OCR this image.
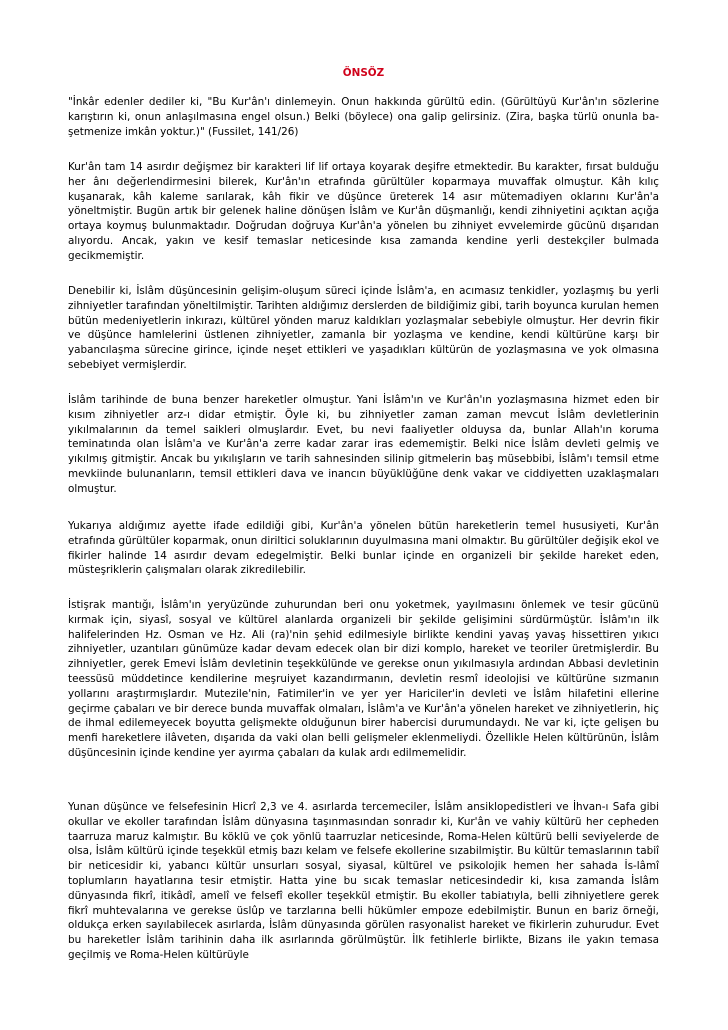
ÖNSÖZ

"İnkâr edenler dediler ki, "Bu Kur'ân'ı dinlemeyin. Onun hakkında gürültü edin. (Gürültüyü Kur'ân'ın sözlerine karıştırın ki, onun anlaşılmasına engel olsun.) Belki (böylece) ona galip gelirsiniz. (Zira, başka türlü onunla ba-şetmenize imkân yoktur.)" (Fussilet, 141/26)

Kur'ân tam 14 asırdır değişmez bir karakteri lif lif ortaya koyarak deşifre etmektedir. Bu karakter, fırsat bulduğu her ânı değerlendirmesini bilerek, Kur'ân'ın etrafında gürültüler koparmaya muvaffak olmuştur. Kâh kılıç kuşanarak, kâh kaleme sarılarak, kâh fikir ve düşünce üreterek 14 asır mütemadiyen oklarını Kur'ân'a yöneltmiştir. Bugün artık bir gelenek haline dönüşen İslâm ve Kur'ân düşmanlığı, kendi zihniyetini açıktan açığa ortaya koymuş bulunmaktadır. Doğrudan doğruya Kur'ân'a yönelen bu zihniyet evvelemirde gücünü dışarıdan alıyordu. Ancak, yakın ve kesif temaslar neticesinde kısa zamanda kendine yerli destekçiler bulmada gecikmemiştir.

Denebilir ki, İslâm düşüncesinin gelişim-oluşum süreci içinde İslâm'a, en acımasız tenkidler, yozlaşmış bu yerli zihniyetler tarafından yöneltilmiştir. Tarihten aldığımız derslerden de bildiğimiz gibi, tarih boyunca kurulan hemen bütün medeniyetlerin inkırazı, kültürel yönden maruz kaldıkları yozlaşmalar sebebiyle olmuştur. Her devrin fikir ve düşünce hamlelerini üstlenen zihniyetler, zamanla bir yozlaşma ve kendine, kendi kültürüne karşı bir yabancılaşma sürecine girince, içinde neşet ettikleri ve yaşadıkları kültürün de yozlaşmasına ve yok olmasına sebebiyet vermişlerdir.

İslâm tarihinde de buna benzer hareketler olmuştur. Yani İslâm'ın ve Kur'ân'ın yozlaşmasına hizmet eden bir kısım zihniyetler arz-ı didar etmiştir. Öyle ki, bu zihniyetler zaman zaman mevcut İslâm devletlerinin yıkılmalarının da temel saikleri olmuşlardır. Evet, bu nevi faaliyetler olduysa da, bunlar Allah'ın koruma teminatında olan İslâm'a ve Kur'ân'a zerre kadar zarar iras edememiştir. Belki nice İslâm devleti gelmiş ve yıkılmış gitmiştir. Ancak bu yıkılışların ve tarih sahnesinden silinip gitmelerin baş müsebbibi, İslâm'ı temsil etme mevkiinde bulunanların, temsil ettikleri dava ve inancın büyüklüğüne denk vakar ve ciddiyetten uzaklaşmaları olmuştur.

Yukarıya aldığımız ayette ifade edildiği gibi, Kur'ân'a yönelen bütün hareketlerin temel hususiyeti, Kur'ân etrafında gürültüler koparmak, onun diriltici soluklarının duyulmasına mani olmaktır. Bu gürültüler değişik ekol ve fikirler halinde 14 asırdır devam edegelmiştir. Belki bunlar içinde en organizeli bir şekilde hareket eden, müsteşriklerin çalışmaları olarak zikredilebilir.

İstişrak mantığı, İslâm'ın yeryüzünde zuhurundan beri onu yoketmek, yayılmasını önlemek ve tesir gücünü kırmak için, siyasî, sosyal ve kültürel alanlarda organizeli bir şekilde gelişimini sürdürmüştür. İslâm'ın ilk halifelerinden Hz. Osman ve Hz. Ali (ra)'nin şehid edilmesiyle birlikte kendini yavaş yavaş hissettiren yıkıcı zihniyetler, uzantıları günümüze kadar devam edecek olan bir dizi komplo, hareket ve teoriler üretmişlerdir. Bu zihniyetler, gerek Emevi İslâm devletinin teşekkülünde ve gerekse onun yıkılmasıyla ardından Abbasi devletinin teessüsü müddetince kendilerine meşruiyet kazandırmanın, devletin resmî ideolojisi ve kültürüne sızmanın yollarını araştırmışlardır. Mutezile'nin, Fatimiler'in ve yer yer Hariciler'in devleti ve İslâm hilafetini ellerine geçirme çabaları ve bir derece bunda muvaffak olmaları, İslâm'a ve Kur'ân'a yönelen hareket ve zihniyetlerin, hiç de ihmal edilemeyecek boyutta gelişmekte olduğunun birer habercisi durumundaydı. Ne var ki, içte gelişen bu menfi hareketlere ilâveten, dışarıda da vaki olan belli gelişmeler eklenmeliydi. Özellikle Helen kültürünün, İslâm düşüncesinin içinde kendine yer ayırma çabaları da kulak ardı edilmemelidir.

Yunan düşünce ve felsefesinin Hicrî 2,3 ve 4. asırlarda tercemeciler, İslâm ansiklopedistleri ve İhvan-ı Safa gibi okullar ve ekoller tarafından İslâm dünyasına taşınmasından sonradır ki, Kur'ân ve vahiy kültürü her cepheden taarruza maruz kalmıştır. Bu köklü ve çok yönlü taarruzlar neticesinde, Roma-Helen kültürü belli seviyelerde de olsa, İslâm kültürü içinde teşekkül etmiş bazı kelam ve felsefe ekollerine sızabilmiştir. Bu kültür temaslarının tabiî bir neticesidir ki, yabancı kültür unsurları sosyal, siyasal, kültürel ve psikolojik hemen her sahada İs-lâmî toplumların hayatlarına tesir etmiştir. Hatta yine bu sıcak temaslar neticesindedir ki, kısa zamanda İslâm dünyasında fikrî, itikâdî, amelî ve felsefî ekoller teşekkül etmiştir. Bu ekoller tabiatıyla, belli zihniyetlere gerek fikrî muhtevalarına ve gerekse üslûp ve tarzlarına belli hükümler empoze edebilmiştir. Bunun en bariz örneği, oldukça erken sayılabilecek asırlarda, İslâm dünyasında görülen rasyonalist hareket ve fikirlerin zuhurudur. Evet bu hareketler İslâm tarihinin daha ilk asırlarında görülmüştür. İlk fetihlerle birlikte, Bizans ile yakın temasa geçilmiş ve Roma-Helen kültürüyle
